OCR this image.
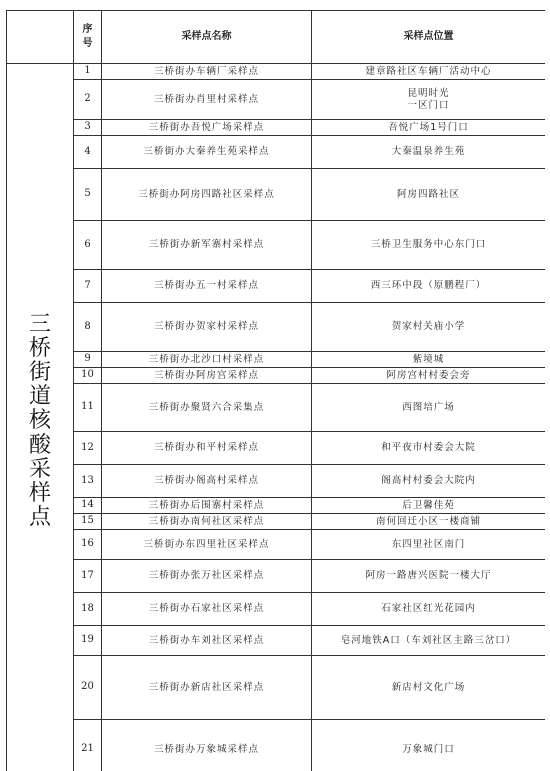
	序
号	采样点名称	采样点位置

三桥街道核酸采样点	1	三桥街办车辆厂采样点	建章路社区车辆厂活动中心
	2	三桥街办肖里村采样点	昆明时光
一区门口
	3	三桥街办吾悦广场采样点	吾悦广场1号门口
	4	三桥街办大秦养生苑采样点	大秦温泉养生苑
	5	三桥街办阿房四路社区采样点	阿房四路社区
	6	三桥街办新军寨村采样点	三桥卫生服务中心东门口
	7	三桥街办五一村采样点	西三环中段（原鹏程厂）
	8	三桥街办贺家村采样点	贺家村关庙小学
	9	三桥街办北沙口村采样点	紫境城
	10	三桥街办阿房宫采样点	阿房宫村村委会旁
	11	三桥街办聚贤六合采集点	西图培广场
	12	三桥街办和平村采样点	和平夜市村委会大院
	13	三桥街办阁高村采样点	阁高村村委会大院内
	14	三桥街办后围寨村采样点	后卫馨佳苑
	15	三桥街办南何社区采样点	南何回迁小区一楼商铺
	16	三桥街办东四里社区采样点	东四里社区南门
	17	三桥街办张万社区采样点	阿房一路唐兴医院一楼大厅
	18	三桥街办石家社区采样点	石家社区红光花园内
	19	三桥街办车刘社区采样点	皂河地铁A口（车刘社区主路三岔口）
	20	三桥街办新店社区采样点	新店村文化广场
	21	三桥街办万象城采样点	万象城门口
